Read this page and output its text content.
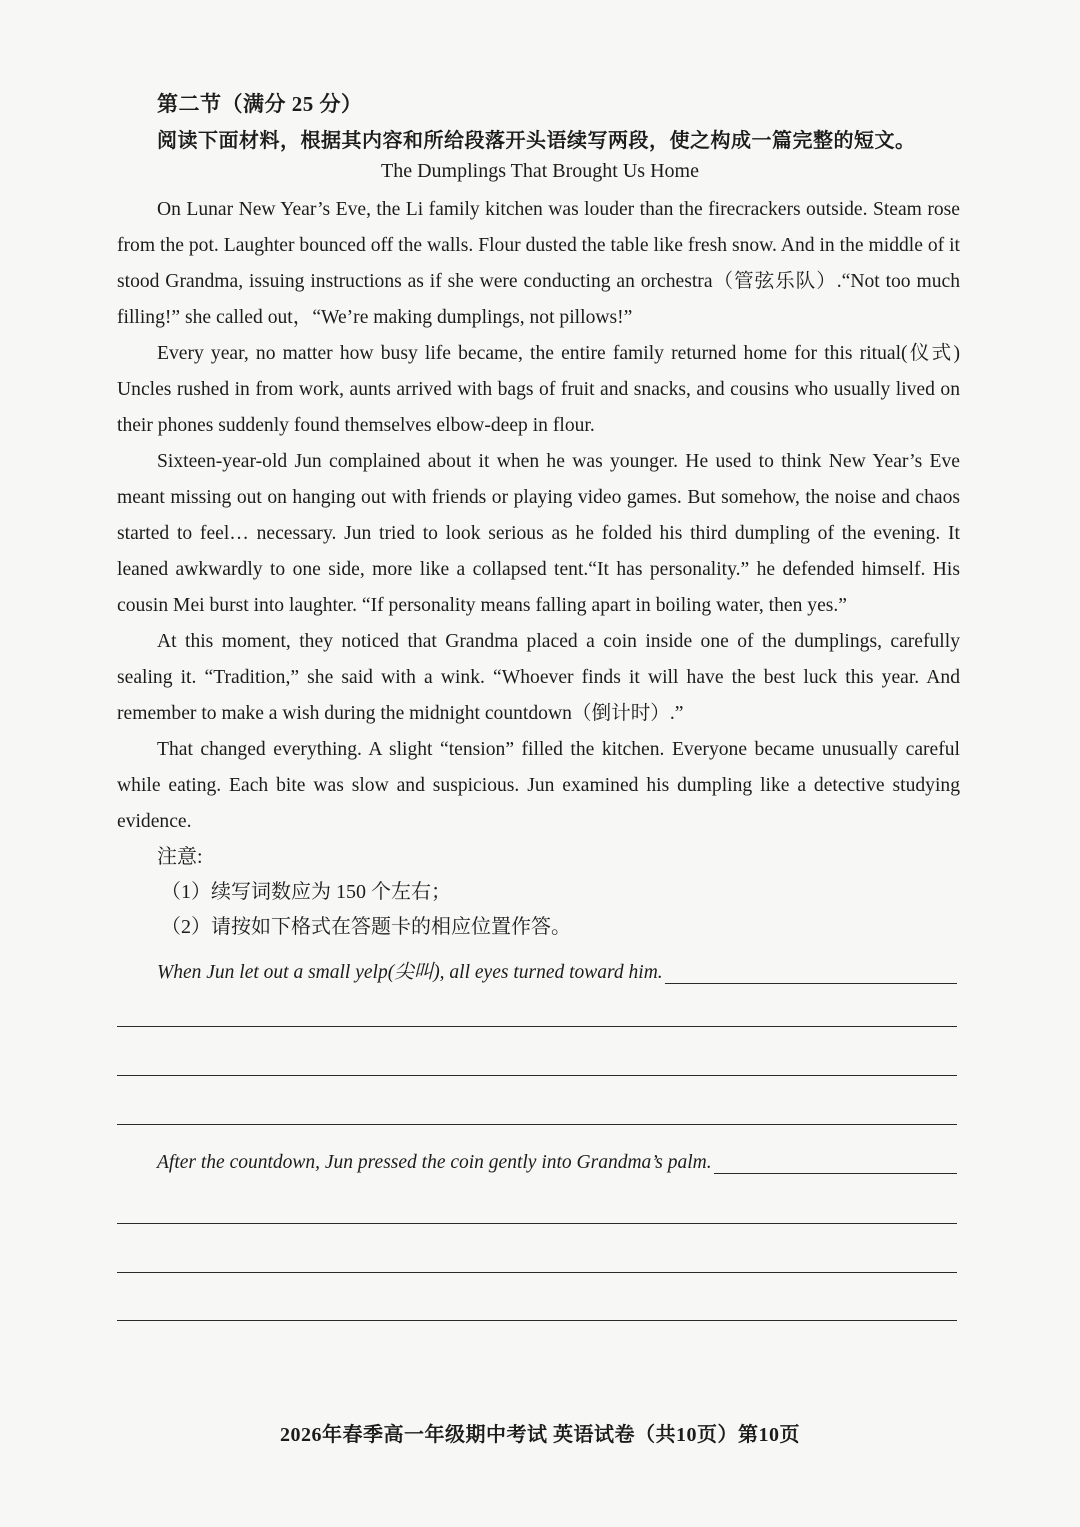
第二节（满分 25 分）
阅读下面材料，根据其内容和所给段落开头语续写两段，使之构成一篇完整的短文。
The Dumplings That Brought Us Home

On Lunar New Year’s Eve, the Li family kitchen was louder than the firecrackers outside. Steam rose from the pot. Laughter bounced off the walls. Flour dusted the table like fresh snow. And in the middle of it stood Grandma, issuing instructions as if she were conducting an orchestra（管弦乐队）.“Not too much filling!” she called out，“We’re making dumplings, not pillows!”

Every year, no matter how busy life became, the entire family returned home for this ritual(仪式) Uncles rushed in from work, aunts arrived with bags of fruit and snacks, and cousins who usually lived on their phones suddenly found themselves elbow-deep in flour.

Sixteen-year-old Jun complained about it when he was younger. He used to think New Year’s Eve meant missing out on hanging out with friends or playing video games. But somehow, the noise and chaos started to feel… necessary. Jun tried to look serious as he folded his third dumpling of the evening. It leaned awkwardly to one side, more like a collapsed tent.“It has personality.” he defended himself. His cousin Mei burst into laughter. “If personality means falling apart in boiling water, then yes.”

At this moment, they noticed that Grandma placed a coin inside one of the dumplings, carefully sealing it. “Tradition,” she said with a wink. “Whoever finds it will have the best luck this year. And remember to make a wish during the midnight countdown（倒计时）.”

That changed everything. A slight “tension” filled the kitchen. Everyone became unusually careful while eating. Each bite was slow and suspicious. Jun examined his dumpling like a detective studying evidence.

注意:
（1）续写词数应为 150 个左右；
（2）请按如下格式在答题卡的相应位置作答。
When Jun let out a small yelp(尖叫), all eyes turned toward him.
After the countdown, Jun pressed the coin gently into Grandma’s palm.
2026年春季高一年级期中考试 英语试卷（共10页）第10页
